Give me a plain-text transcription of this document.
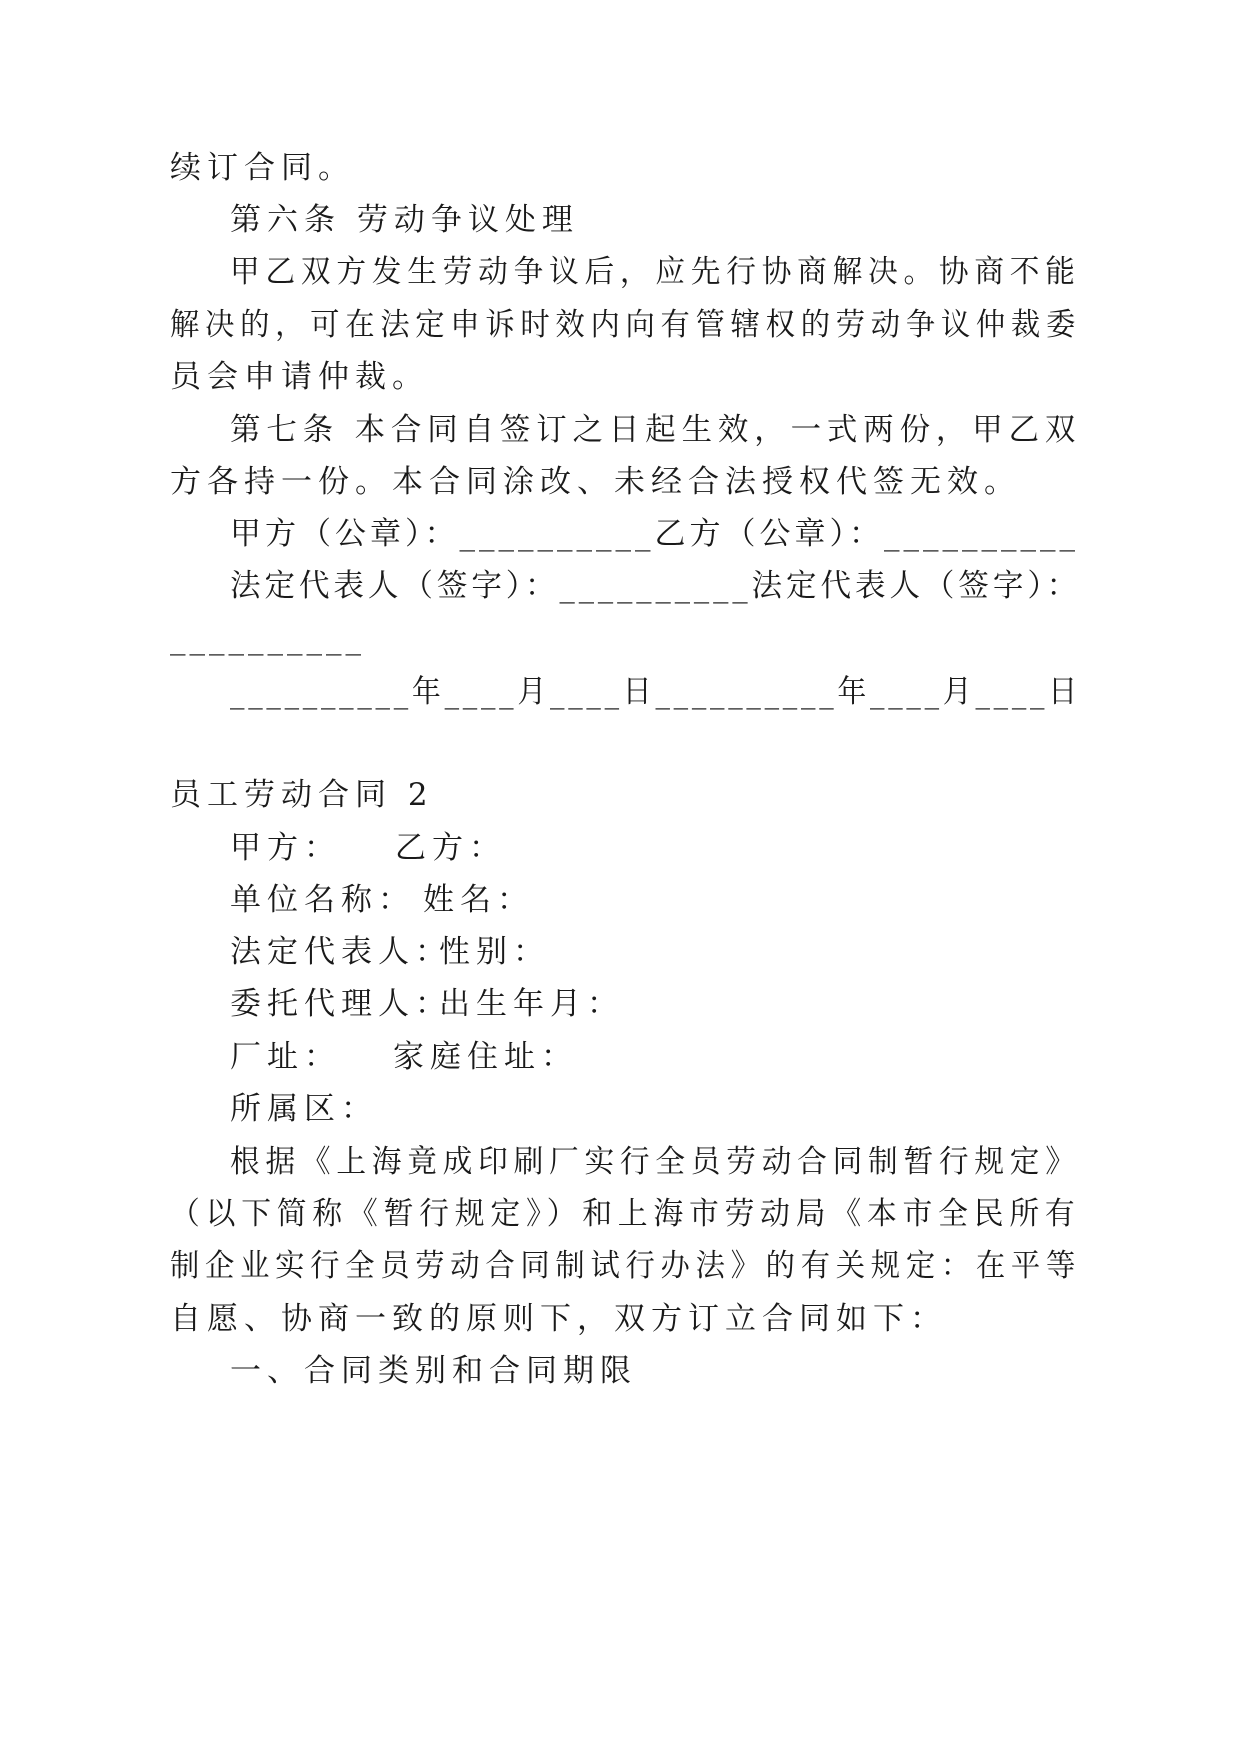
续订合同。
第六条 劳动争议处理
甲乙双方发生劳动争议后，应先行协商解决。协商不能
解决的，可在法定申诉时效内向有管辖权的劳动争议仲裁委
员会申请仲裁。
第七条 本合同自签订之日起生效，一式两份，甲乙双
方各持一份。本合同涂改、未经合法授权代签无效。
甲方（公章）：__________乙方（公章）：__________
法定代表人（签字）：__________法定代表人（签字）：
__________
__________年____月____日__________年____月____日
员工劳动合同 2
甲方： 乙方：
单位名称： 姓名：
法定代表人：
性别：
委托代理人：
出生年月：
厂址： 家庭住址：
所属区：
根据《上海竟成印刷厂实行全员劳动合同制暂行规定》
（以下简称《暂行规定》）和上海市劳动局《本市全民所有
制企业实行全员劳动合同制试行办法》的有关规定：在平等
自愿、协商一致的原则下，双方订立合同如下：
一、合同类别和合同期限
